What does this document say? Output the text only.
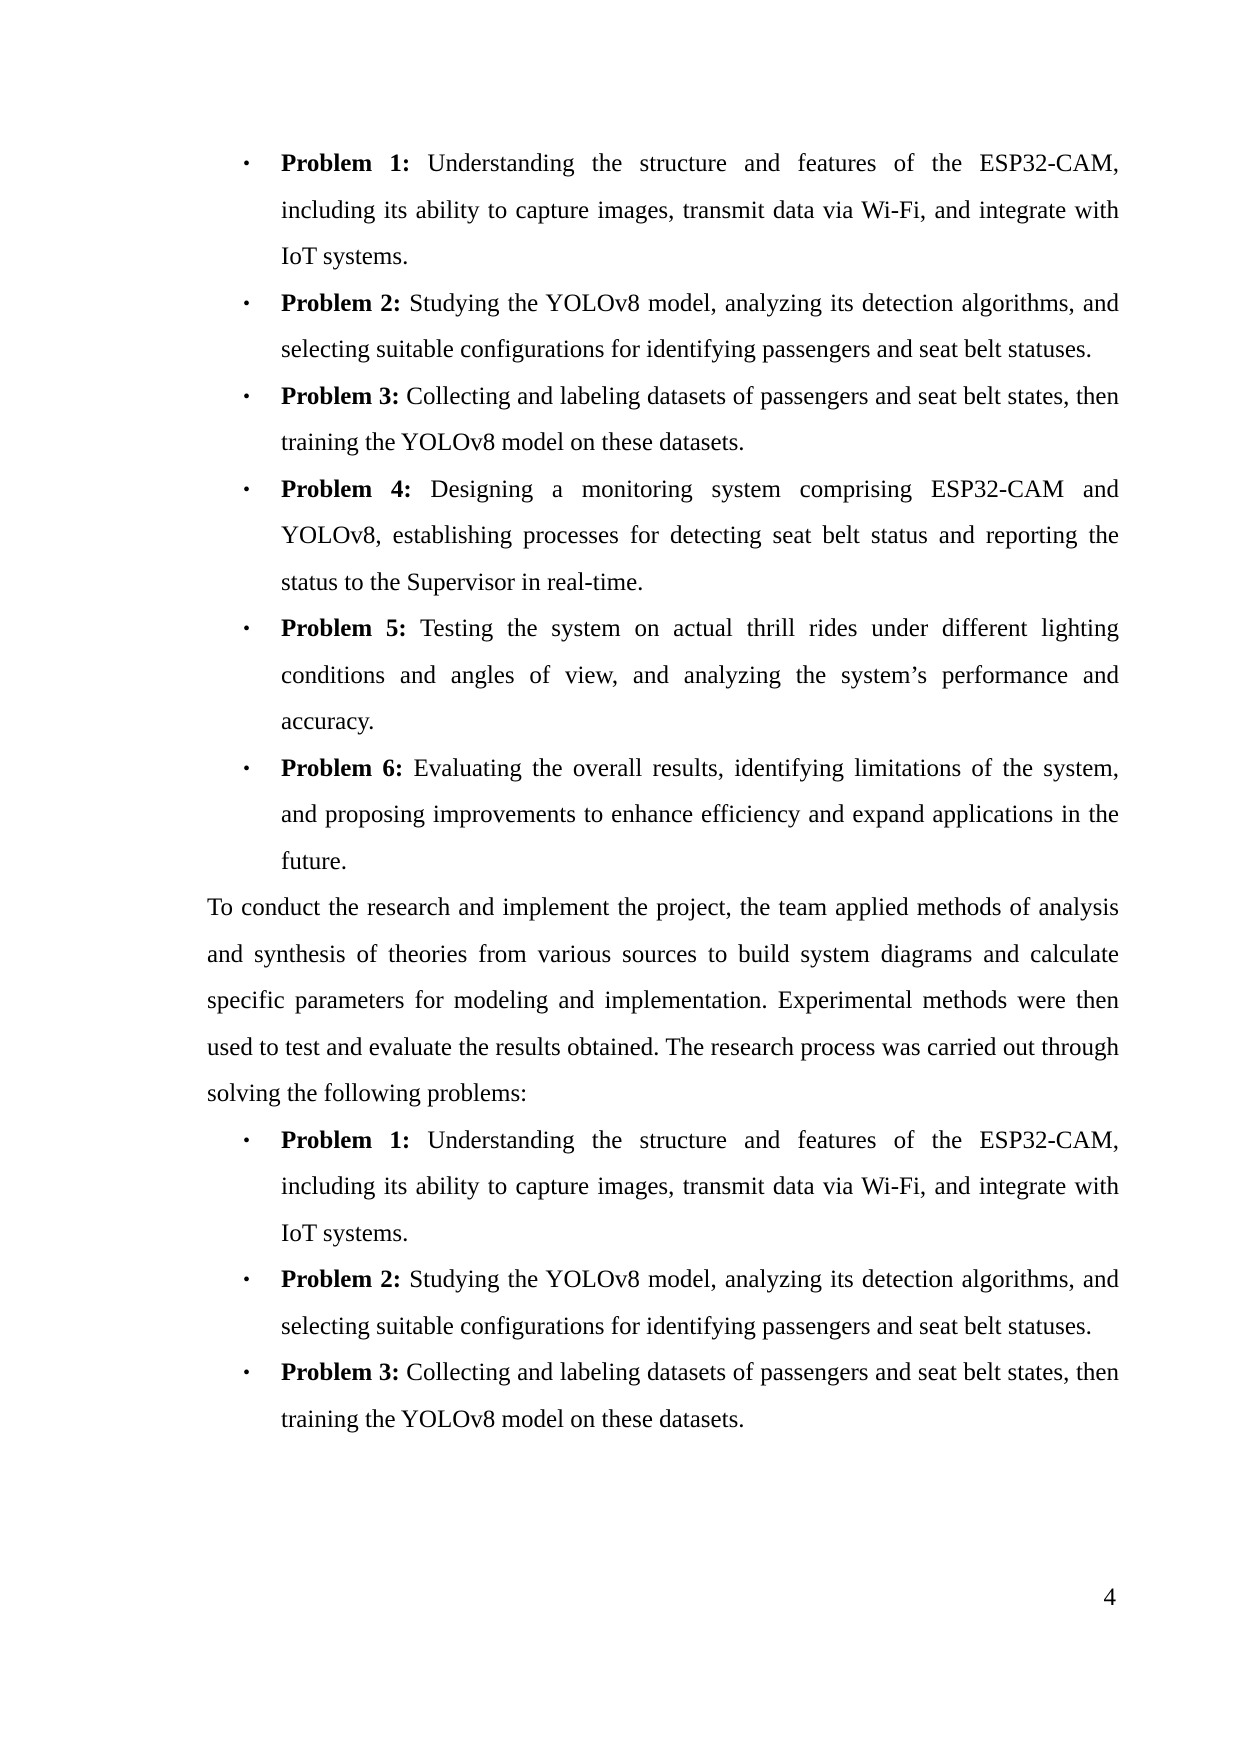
• Problem 1: Understanding the structure and features of the ESP32-CAM, including its ability to capture images, transmit data via Wi-Fi, and integrate with IoT systems.
• Problem 2: Studying the YOLOv8 model, analyzing its detection algorithms, and selecting suitable configurations for identifying passengers and seat belt statuses.
• Problem 3: Collecting and labeling datasets of passengers and seat belt states, then training the YOLOv8 model on these datasets.
• Problem 4: Designing a monitoring system comprising ESP32-CAM and YOLOv8, establishing processes for detecting seat belt status and reporting the status to the Supervisor in real-time.
• Problem 5: Testing the system on actual thrill rides under different lighting conditions and angles of view, and analyzing the system’s performance and accuracy.
• Problem 6: Evaluating the overall results, identifying limitations of the system, and proposing improvements to enhance efficiency and expand applications in the future.

To conduct the research and implement the project, the team applied methods of analysis and synthesis of theories from various sources to build system diagrams and calculate specific parameters for modeling and implementation. Experimental methods were then used to test and evaluate the results obtained. The research process was carried out through solving the following problems:

• Problem 1: Understanding the structure and features of the ESP32-CAM, including its ability to capture images, transmit data via Wi-Fi, and integrate with IoT systems.
• Problem 2: Studying the YOLOv8 model, analyzing its detection algorithms, and selecting suitable configurations for identifying passengers and seat belt statuses.
• Problem 3: Collecting and labeling datasets of passengers and seat belt states, then training the YOLOv8 model on these datasets.
4
